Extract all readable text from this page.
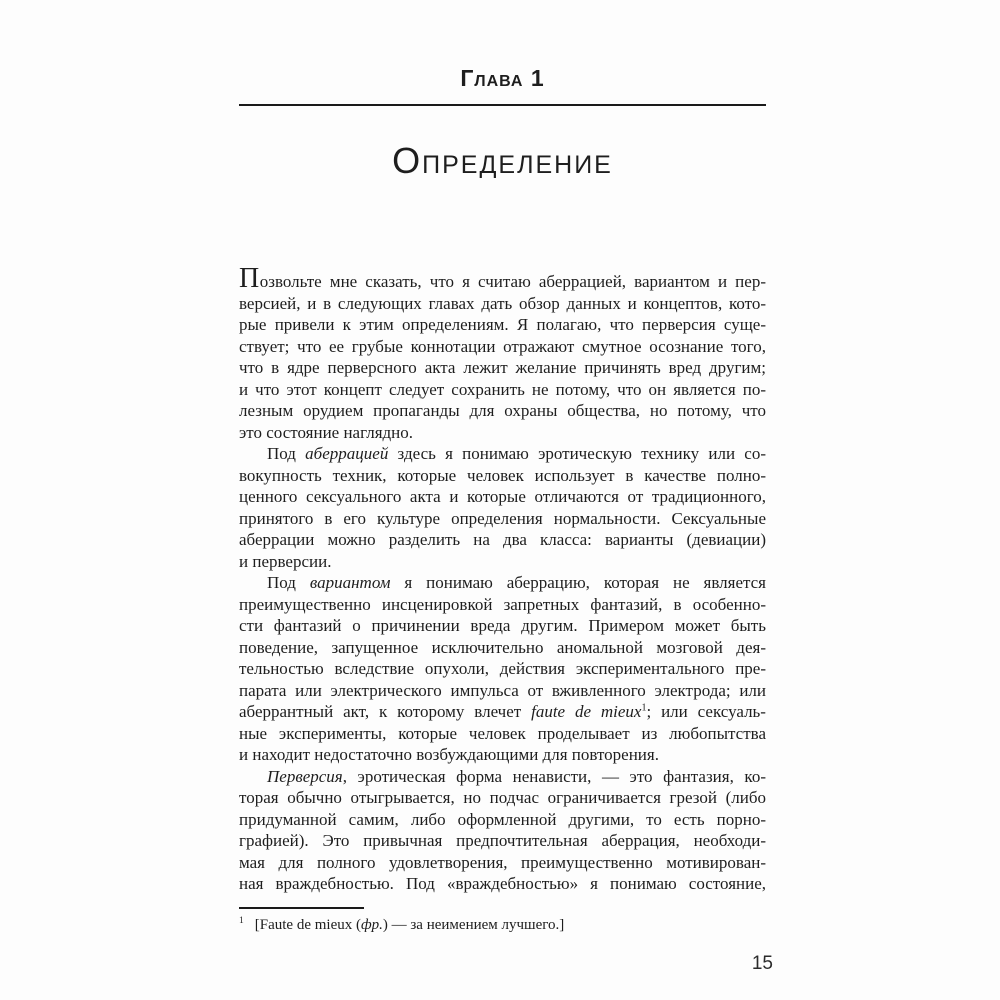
Глава 1
Определение
Позвольте мне сказать, что я считаю аберрацией, вариантом и пер-
версией, и в следующих главах дать обзор данных и концептов, кото-
рые привели к этим определениям. Я полагаю, что перверсия суще-
ствует; что ее грубые коннотации отражают смутное осознание того,
что в ядре перверсного акта лежит желание причинять вред другим;
и что этот концепт следует сохранить не потому, что он является по-
лезным орудием пропаганды для охраны общества, но потому, что
это состояние наглядно.
Под аберрацией здесь я понимаю эротическую технику или со-
вокупность техник, которые человек использует в качестве полно-
ценного сексуального акта и которые отличаются от традиционного,
принятого в его культуре определения нормальности. Сексуальные
аберрации можно разделить на два класса: варианты (девиации)
и перверсии.
Под вариантом я понимаю аберрацию, которая не является
преимущественно инсценировкой запретных фантазий, в особенно-
сти фантазий о причинении вреда другим. Примером может быть
поведение, запущенное исключительно аномальной мозговой дея-
тельностью вследствие опухоли, действия экспериментального пре-
парата или электрического импульса от вживленного электрода; или
аберрантный акт, к которому влечет faute de mieux$^1$; или сексуаль-
ные эксперименты, которые человек проделывает из любопытства
и находит недостаточно возбуждающими для повторения.
Перверсия, эротическая форма ненависти, — это фантазия, ко-
торая обычно отыгрывается, но подчас ограничивается грезой (либо
придуманной самим, либо оформленной другими, то есть порно-
графией). Это привычная предпочтительная аберрация, необходи-
мая для полного удовлетворения, преимущественно мотивирован-
ная враждебностью. Под «враждебностью» я понимаю состояние,
$^1$ [Faute de mieux (фр.) — за неимением лучшего.]
15
